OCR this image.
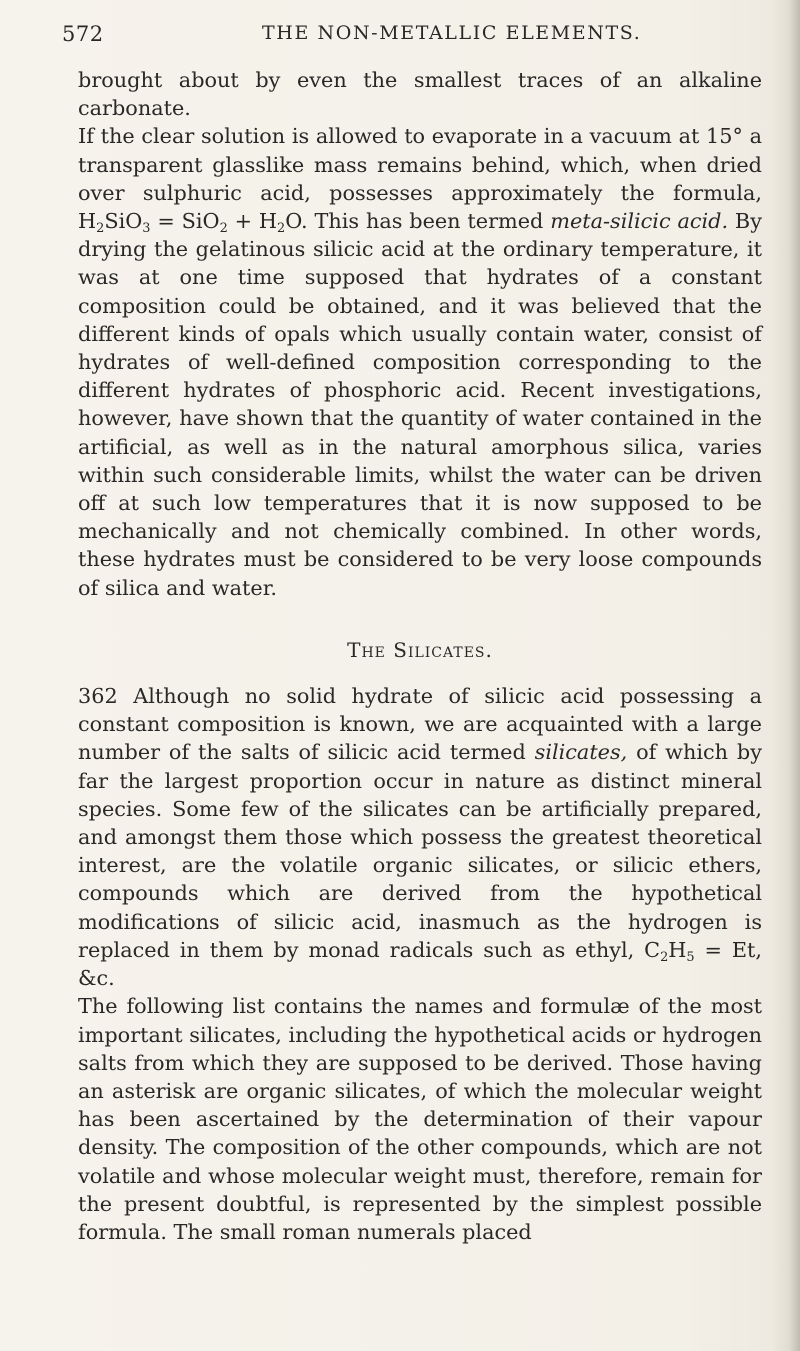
572	THE NON-METALLIC ELEMENTS.

brought about by even the smallest traces of an alkaline carbonate.

If the clear solution is allowed to evaporate in a vacuum at 15° a transparent glasslike mass remains behind, which, when dried over sulphuric acid, possesses approximately the formula, $H_2SiO_3 = SiO_2 + H_2O$. This has been termed meta-silicic acid. By drying the gelatinous silicic acid at the ordinary temperature, it was at one time supposed that hydrates of a constant composition could be obtained, and it was believed that the different kinds of opals which usually contain water, consist of hydrates of well-defined composition corresponding to the different hydrates of phosphoric acid. Recent investigations, however, have shown that the quantity of water contained in the artificial, as well as in the natural amorphous silica, varies within such considerable limits, whilst the water can be driven off at such low temperatures that it is now supposed to be mechanically and not chemically combined. In other words, these hydrates must be considered to be very loose compounds of silica and water.

The Silicates.

362 Although no solid hydrate of silicic acid possessing a constant composition is known, we are acquainted with a large number of the salts of silicic acid termed silicates, of which by far the largest proportion occur in nature as distinct mineral species. Some few of the silicates can be artificially prepared, and amongst them those which possess the greatest theoretical interest, are the volatile organic silicates, or silicic ethers, compounds which are derived from the hypothetical modifications of silicic acid, inasmuch as the hydrogen is replaced in them by monad radicals such as ethyl, $C_2H_5 = Et$, &c.

The following list contains the names and formulæ of the most important silicates, including the hypothetical acids or hydrogen salts from which they are supposed to be derived. Those having an asterisk are organic silicates, of which the molecular weight has been ascertained by the determination of their vapour density. The composition of the other compounds, which are not volatile and whose molecular weight must, therefore, remain for the present doubtful, is represented by the simplest possible formula. The small roman numerals placed
